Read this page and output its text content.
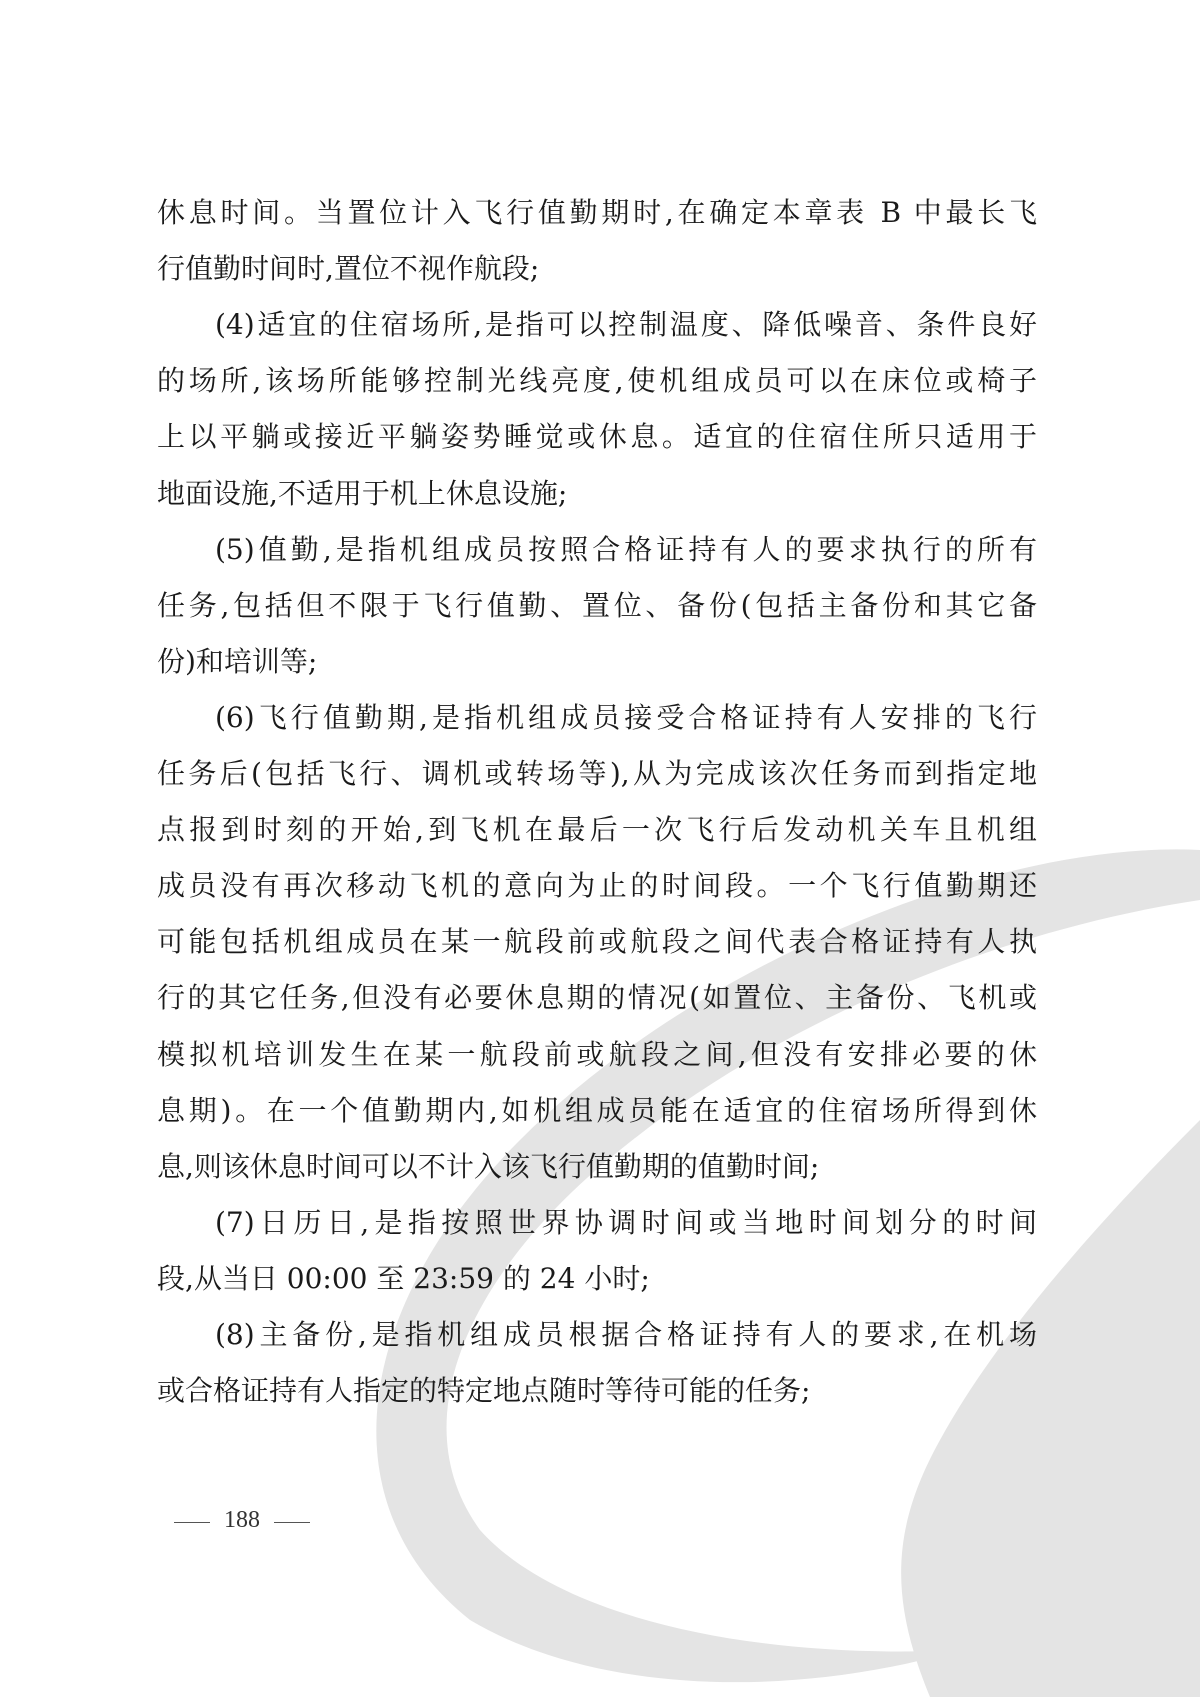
休息时间。当置位计入飞行值勤期时,在确定本章表 B 中最长飞
行值勤时间时,置位不视作航段;
(4)适宜的住宿场所,是指可以控制温度、降低噪音、条件良好
的场所,该场所能够控制光线亮度,使机组成员可以在床位或椅子
上以平躺或接近平躺姿势睡觉或休息。适宜的住宿住所只适用于
地面设施,不适用于机上休息设施;
(5)值勤,是指机组成员按照合格证持有人的要求执行的所有
任务,包括但不限于飞行值勤、置位、备份(包括主备份和其它备
份)和培训等;
(6)飞行值勤期,是指机组成员接受合格证持有人安排的飞行
任务后(包括飞行、调机或转场等),从为完成该次任务而到指定地
点报到时刻的开始,到飞机在最后一次飞行后发动机关车且机组
成员没有再次移动飞机的意向为止的时间段。一个飞行值勤期还
可能包括机组成员在某一航段前或航段之间代表合格证持有人执
行的其它任务,但没有必要休息期的情况(如置位、主备份、飞机或
模拟机培训发生在某一航段前或航段之间,但没有安排必要的休
息期)。在一个值勤期内,如机组成员能在适宜的住宿场所得到休
息,则该休息时间可以不计入该飞行值勤期的值勤时间;
(7)日历日,是指按照世界协调时间或当地时间划分的时间
段,从当日 00:00 至 23:59 的 24 小时;
(8)主备份,是指机组成员根据合格证持有人的要求,在机场
或合格证持有人指定的特定地点随时等待可能的任务;
188
